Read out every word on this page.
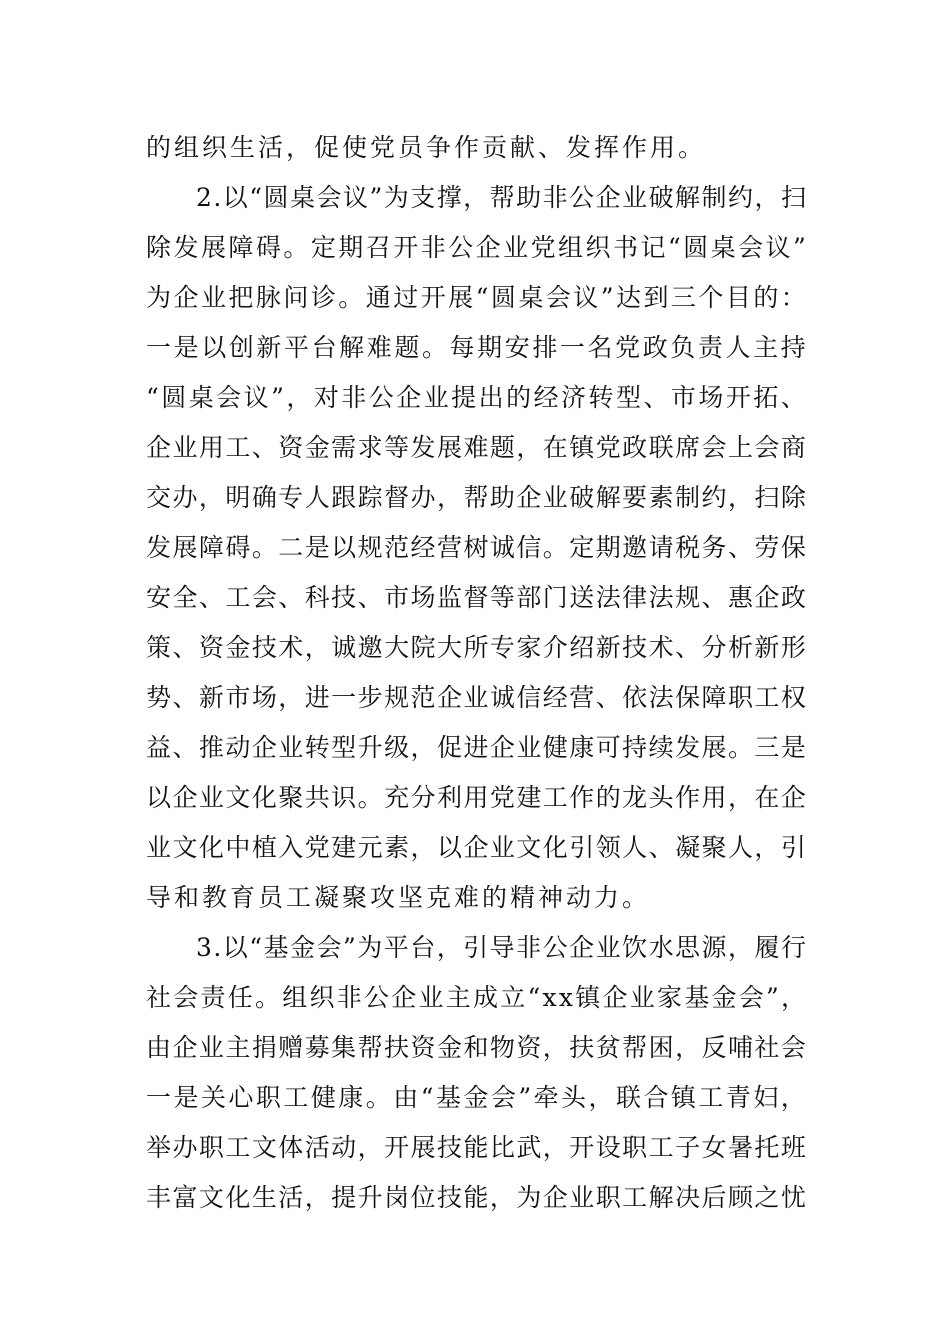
的组织生活，促使党员争作贡献、发挥作用。
2 . 以 “ 圆 桌 会 议 ” 为 支 撑 ， 帮 助 非 公 企 业 破 解 制 约 ， 扫
除 发 展 障 碍 。 定 期 召 开 非 公 企 业 党 组 织 书 记 “ 圆 桌 会 议 ”
为 企 业 把 脉 问 诊 。 通 过 开 展 “ 圆 桌 会 议 ” 达 到 三 个 目 的 ：
一 是 以 创 新 平 台 解 难 题 。 每 期 安 排 一 名 党 政 负 责 人 主 持
“ 圆 桌 会 议 ” ， 对 非 公 企 业 提 出 的 经 济 转 型 、 市 场 开 拓 、
企 业 用 工 、 资 金 需 求 等 发 展 难 题 ， 在 镇 党 政 联 席 会 上 会 商
交 办 ， 明 确 专 人 跟 踪 督 办 ， 帮 助 企 业 破 解 要 素 制 约 ， 扫 除
发 展 障 碍 。 二 是 以 规 范 经 营 树 诚 信 。 定 期 邀 请 税 务 、 劳 保
安 全 、 工 会 、 科 技 、 市 场 监 督 等 部 门 送 法 律 法 规 、 惠 企 政
策 、 资 金 技 术 ， 诚 邀 大 院 大 所 专 家 介 绍 新 技 术 、 分 析 新 形
势 、 新 市 场 ， 进 一 步 规 范 企 业 诚 信 经 营 、 依 法 保 障 职 工 权
益 、 推 动 企 业 转 型 升 级 ， 促 进 企 业 健 康 可 持 续 发 展 。 三 是
以 企 业 文 化 聚 共 识 。 充 分 利 用 党 建 工 作 的 龙 头 作 用 ， 在 企
业 文 化 中 植 入 党 建 元 素 ， 以 企 业 文 化 引 领 人 、 凝 聚 人 ， 引
导和教育员工凝聚攻坚克难的精神动力。
3 . 以 “ 基 金 会 ” 为 平 台 ， 引 导 非 公 企 业 饮 水 思 源 ， 履 行
社 会 责 任 。 组 织 非 公 企 业 主 成 立 “ x x 镇 企 业 家 基 金 会 ” ，
由 企 业 主 捐 赠 募 集 帮 扶 资 金 和 物 资 ， 扶 贫 帮 困 ， 反 哺 社 会
一 是 关 心 职 工 健 康 。 由 “ 基 金 会 ” 牵 头 ， 联 合 镇 工 青 妇 ，
举 办 职 工 文 体 活 动 ， 开 展 技 能 比 武 ， 开 设 职 工 子 女 暑 托 班
丰 富 文 化 生 活 ， 提 升 岗 位 技 能 ， 为 企 业 职 工 解 决 后 顾 之 忧
